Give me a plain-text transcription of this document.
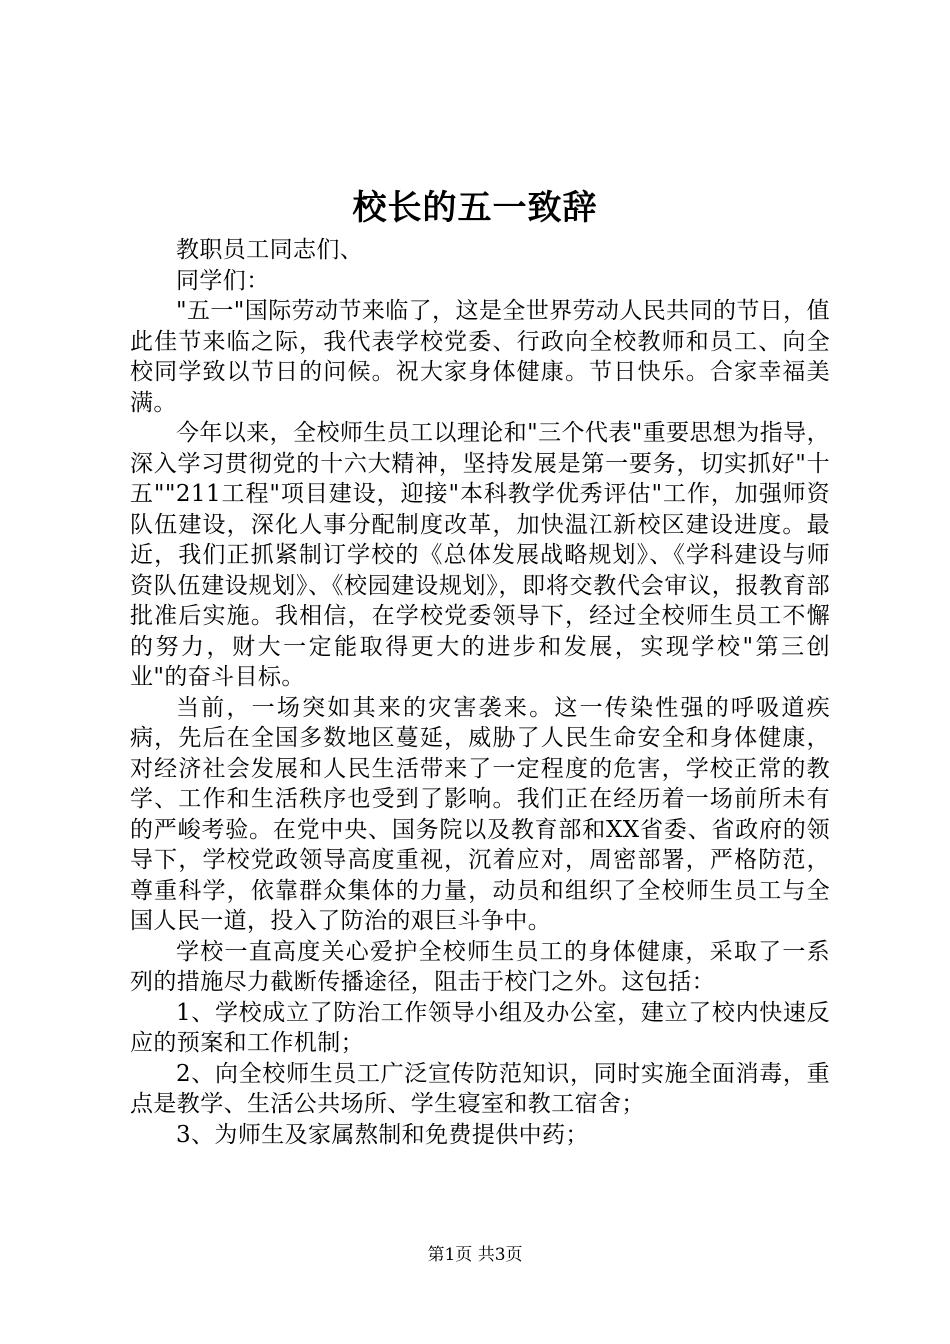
校长的五一致辞

教职员工同志们、

同学们：

"五一"国际劳动节来临了，这是全世界劳动人民共同的节日，值此佳节来临之际，我代表学校党委、行政向全校教师和员工、向全校同学致以节日的问候。祝大家身体健康。节日快乐。合家幸福美满。

今年以来，全校师生员工以理论和"三个代表"重要思想为指导，深入学习贯彻党的十六大精神，坚持发展是第一要务，切实抓好"十五""211工程"项目建设，迎接"本科教学优秀评估"工作，加强师资队伍建设，深化人事分配制度改革，加快温江新校区建设进度。最近，我们正抓紧制订学校的《总体发展战略规划》、《学科建设与师资队伍建设规划》、《校园建设规划》，即将交教代会审议，报教育部批准后实施。我相信，在学校党委领导下，经过全校师生员工不懈的努力，财大一定能取得更大的进步和发展，实现学校"第三创业"的奋斗目标。

当前，一场突如其来的灾害袭来。这一传染性强的呼吸道疾病，先后在全国多数地区蔓延，威胁了人民生命安全和身体健康，对经济社会发展和人民生活带来了一定程度的危害，学校正常的教学、工作和生活秩序也受到了影响。我们正在经历着一场前所未有的严峻考验。在党中央、国务院以及教育部和XX省委、省政府的领导下，学校党政领导高度重视，沉着应对，周密部署，严格防范，尊重科学，依靠群众集体的力量，动员和组织了全校师生员工与全国人民一道，投入了防治的艰巨斗争中。

学校一直高度关心爱护全校师生员工的身体健康，采取了一系列的措施尽力截断传播途径，阻击于校门之外。这包括：

1、学校成立了防治工作领导小组及办公室，建立了校内快速反应的预案和工作机制；

2、向全校师生员工广泛宣传防范知识，同时实施全面消毒，重点是教学、生活公共场所、学生寝室和教工宿舍；

3、为师生及家属熬制和免费提供中药；

第1页 共3页
